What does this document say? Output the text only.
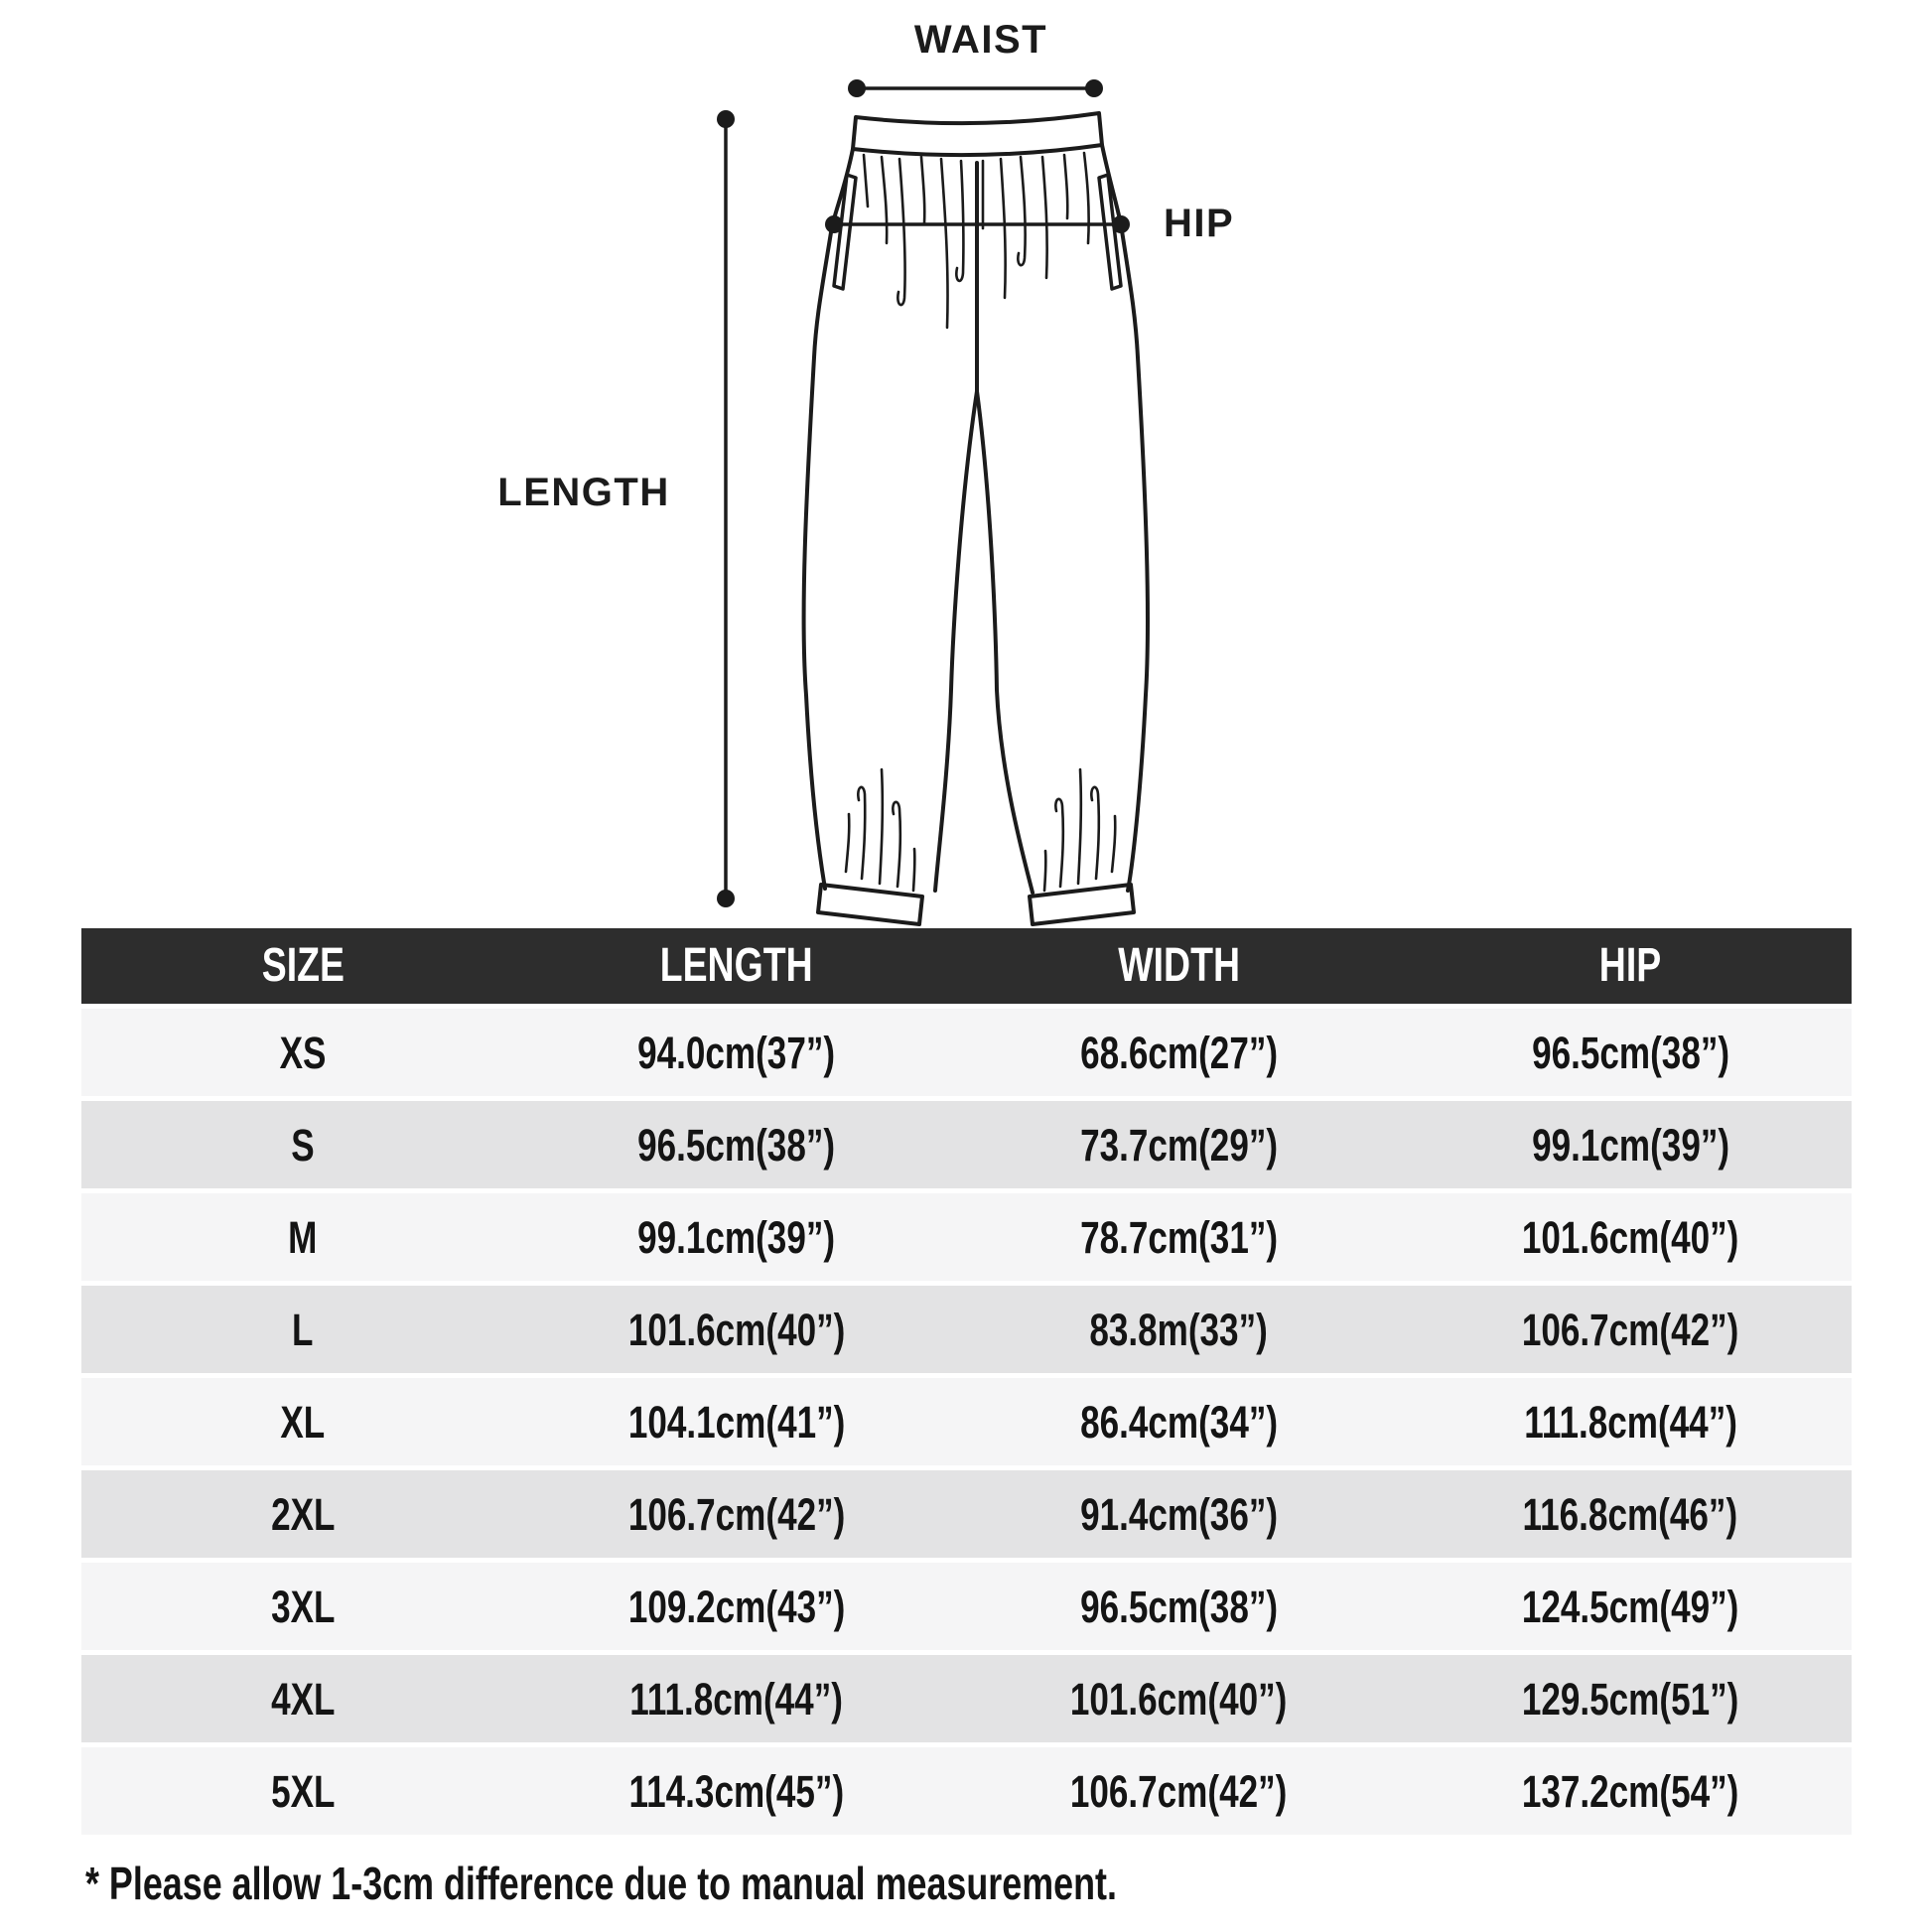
WAIST
HIP
LENGTH
SIZE	LENGTH	WIDTH	HIP
XS	94.0cm(37”)	68.6cm(27”)	96.5cm(38”)
S	96.5cm(38”)	73.7cm(29”)	99.1cm(39”)
M	99.1cm(39”)	78.7cm(31”)	101.6cm(40”)
L	101.6cm(40”)	83.8m(33”)	106.7cm(42”)
XL	104.1cm(41”)	86.4cm(34”)	111.8cm(44”)
2XL	106.7cm(42”)	91.4cm(36”)	116.8cm(46”)
3XL	109.2cm(43”)	96.5cm(38”)	124.5cm(49”)
4XL	111.8cm(44”)	101.6cm(40”)	129.5cm(51”)
5XL	114.3cm(45”)	106.7cm(42”)	137.2cm(54”)
* Please allow 1-3cm difference due to manual measurement.
